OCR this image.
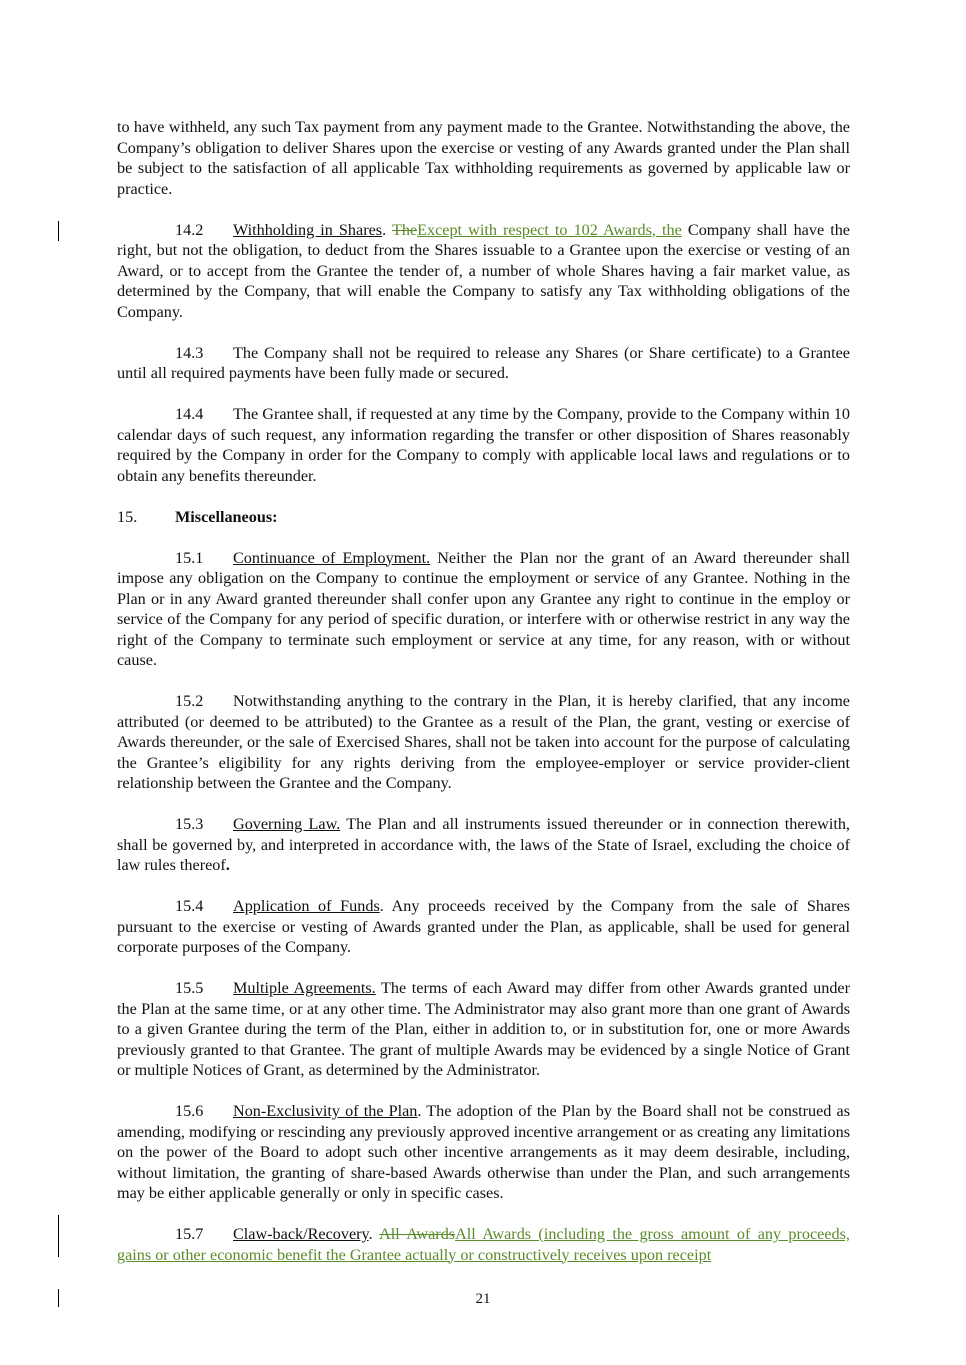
to have withheld, any such Tax payment from any payment made to the Grantee. Notwithstanding the above, the Company’s obligation to deliver Shares upon the exercise or vesting of any Awards granted under the Plan shall be subject to the satisfaction of all applicable Tax withholding requirements as governed by applicable law or practice.

14.2 Withholding in Shares. TheExcept with respect to 102 Awards, the Company shall have the right, but not the obligation, to deduct from the Shares issuable to a Grantee upon the exercise or vesting of an Award, or to accept from the Grantee the tender of, a number of whole Shares having a fair market value, as determined by the Company, that will enable the Company to satisfy any Tax withholding obligations of the Company.

14.3 The Company shall not be required to release any Shares (or Share certificate) to a Grantee until all required payments have been fully made or secured.

14.4 The Grantee shall, if requested at any time by the Company, provide to the Company within 10 calendar days of such request, any information regarding the transfer or other disposition of Shares reasonably required by the Company in order for the Company to comply with applicable local laws and regulations or to obtain any benefits thereunder.

15. Miscellaneous:

15.1 Continuance of Employment. Neither the Plan nor the grant of an Award thereunder shall impose any obligation on the Company to continue the employment or service of any Grantee. Nothing in the Plan or in any Award granted thereunder shall confer upon any Grantee any right to continue in the employ or service of the Company for any period of specific duration, or interfere with or otherwise restrict in any way the right of the Company to terminate such employment or service at any time, for any reason, with or without cause.

15.2 Notwithstanding anything to the contrary in the Plan, it is hereby clarified, that any income attributed (or deemed to be attributed) to the Grantee as a result of the Plan, the grant, vesting or exercise of Awards thereunder, or the sale of Exercised Shares, shall not be taken into account for the purpose of calculating the Grantee’s eligibility for any rights deriving from the employee-employer or service provider-client relationship between the Grantee and the Company.

15.3 Governing Law. The Plan and all instruments issued thereunder or in connection therewith, shall be governed by, and interpreted in accordance with, the laws of the State of Israel, excluding the choice of law rules thereof.

15.4 Application of Funds. Any proceeds received by the Company from the sale of Shares pursuant to the exercise or vesting of Awards granted under the Plan, as applicable, shall be used for general corporate purposes of the Company.

15.5 Multiple Agreements. The terms of each Award may differ from other Awards granted under the Plan at the same time, or at any other time. The Administrator may also grant more than one grant of Awards to a given Grantee during the term of the Plan, either in addition to, or in substitution for, one or more Awards previously granted to that Grantee. The grant of multiple Awards may be evidenced by a single Notice of Grant or multiple Notices of Grant, as determined by the Administrator.

15.6 Non-Exclusivity of the Plan. The adoption of the Plan by the Board shall not be construed as amending, modifying or rescinding any previously approved incentive arrangement or as creating any limitations on the power of the Board to adopt such other incentive arrangements as it may deem desirable, including, without limitation, the granting of share-based Awards otherwise than under the Plan, and such arrangements may be either applicable generally or only in specific cases.

15.7 Claw-back/Recovery. All AwardsAll Awards (including the gross amount of any proceeds, gains or other economic benefit the Grantee actually or constructively receives upon receipt

21
